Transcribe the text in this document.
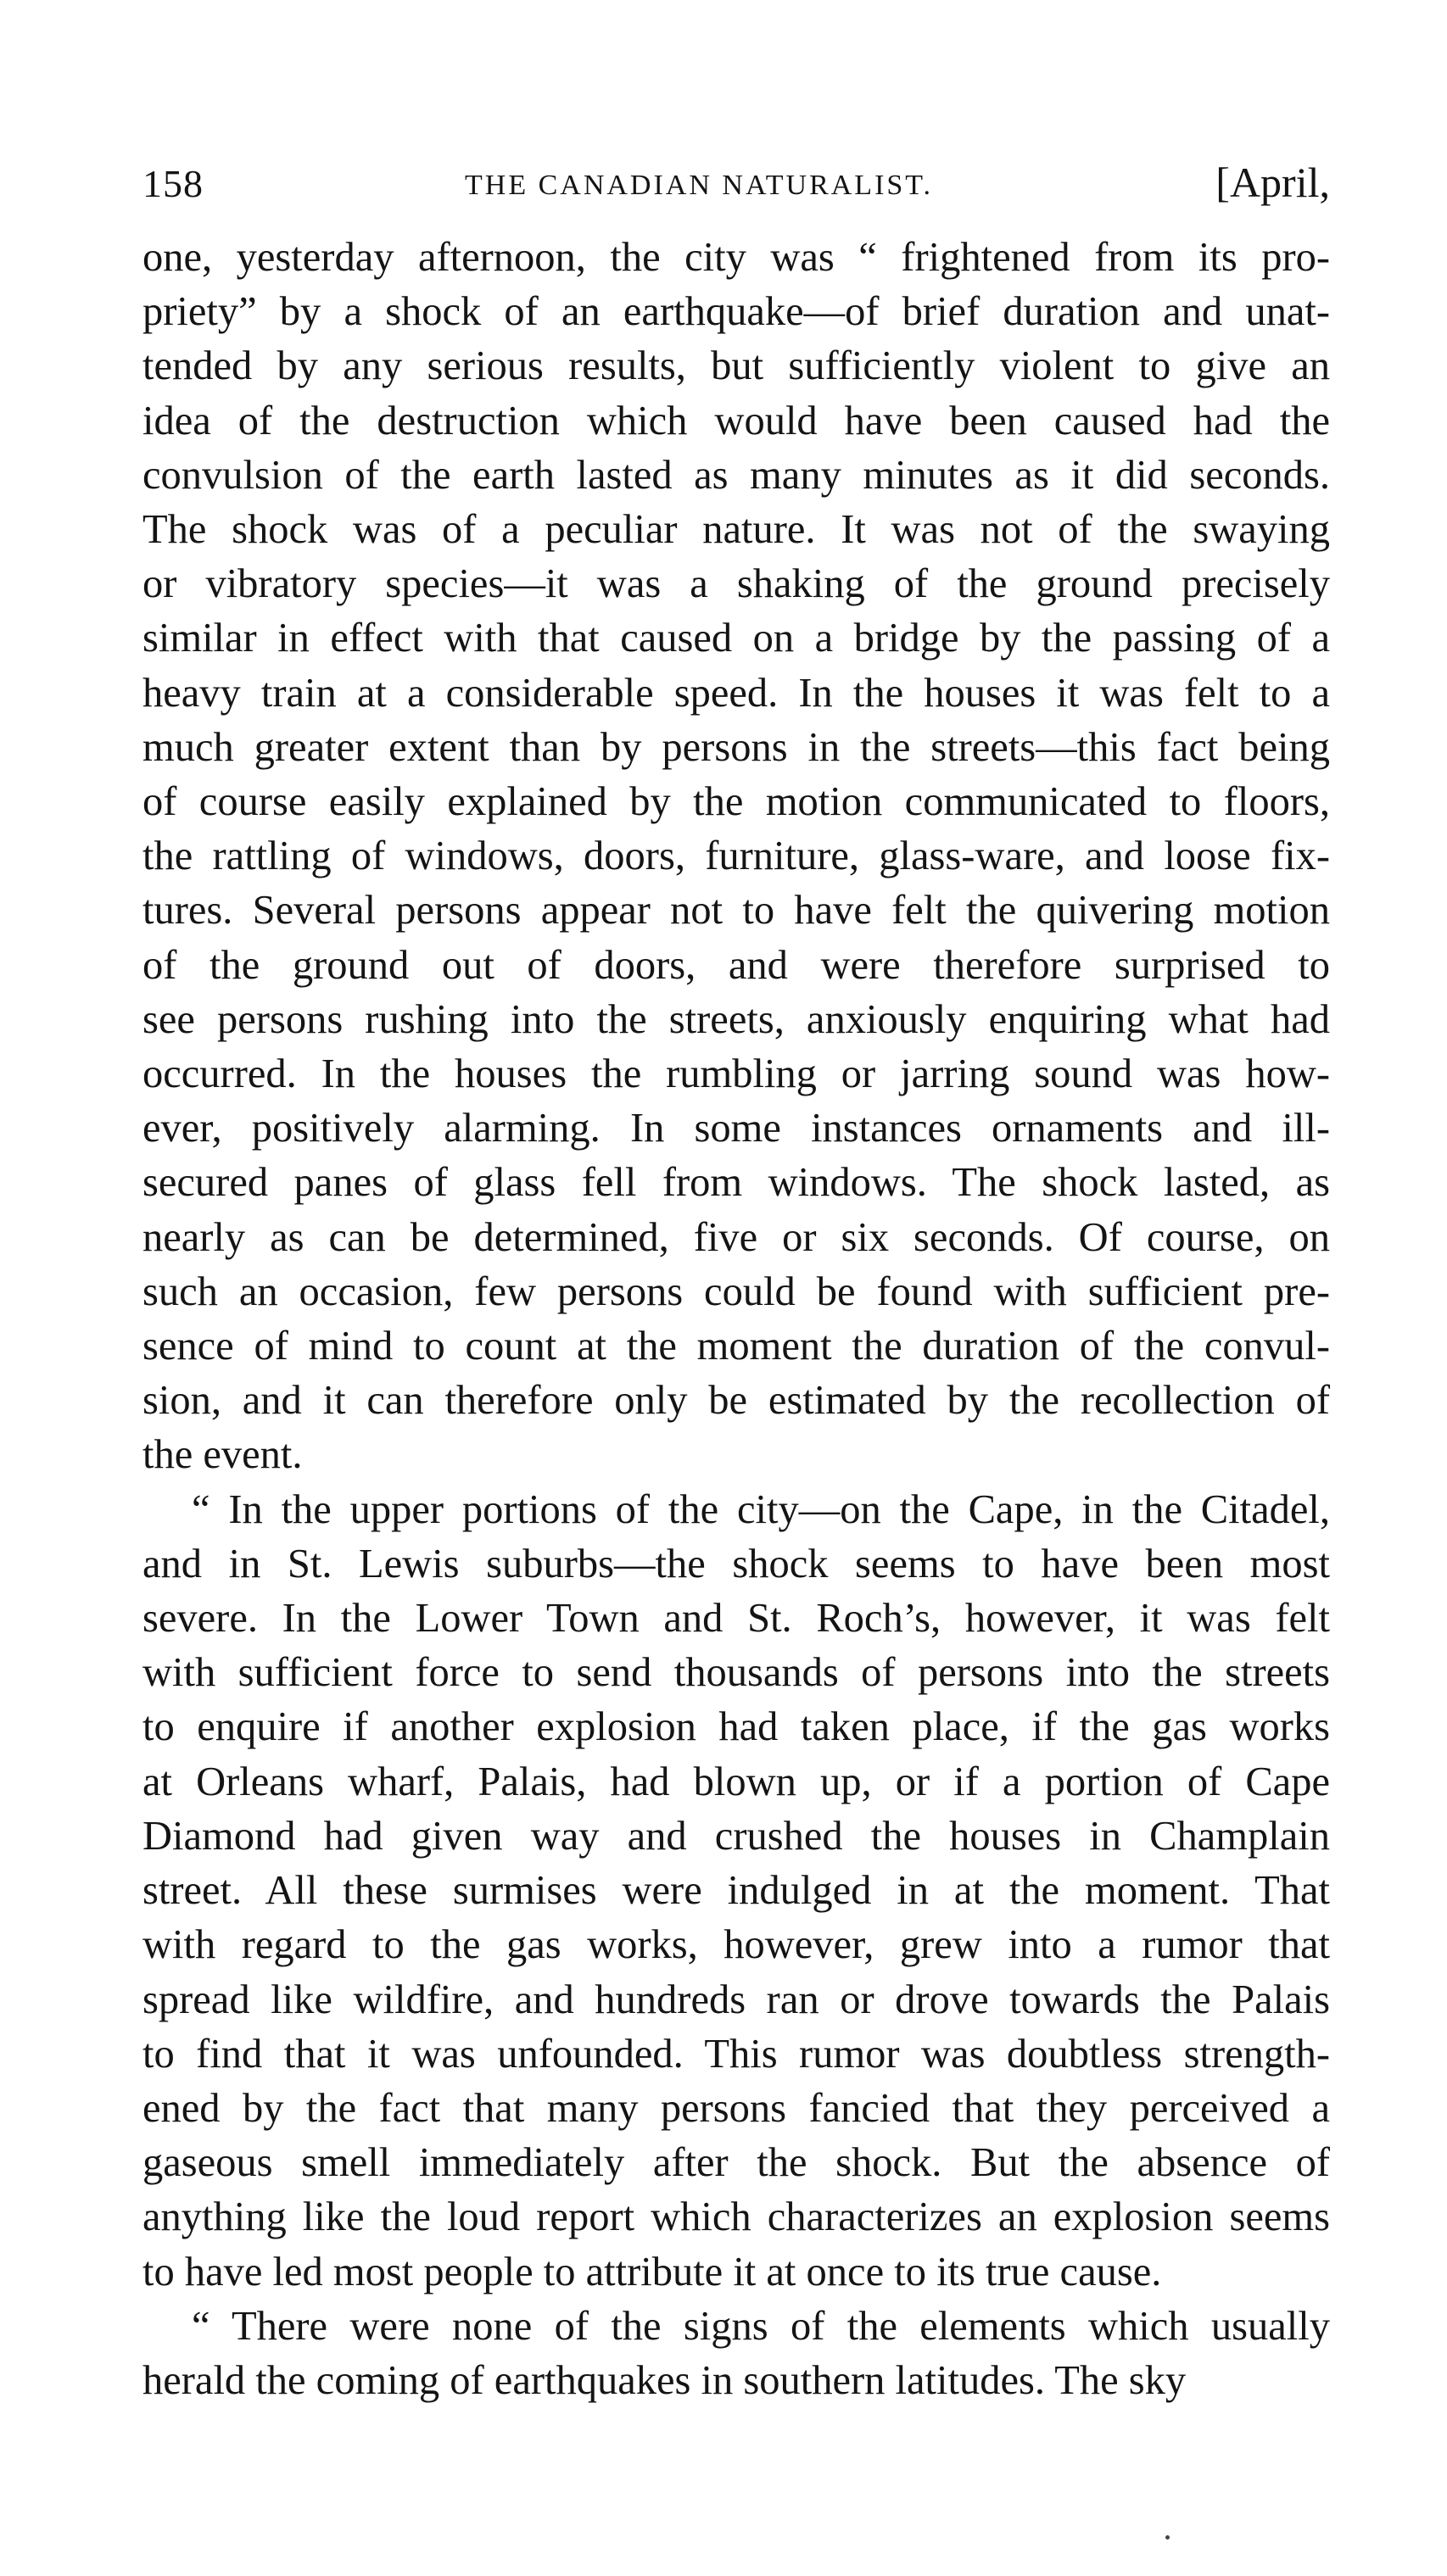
158	THE CANADIAN NATURALIST.	[April,

one, yesterday afternoon, the city was “ frightened from its pro-
priety” by a shock of an earthquake—of brief duration and unat-
tended by any serious results, but sufficiently violent to give an
idea of the destruction which would have been caused had the
convulsion of the earth lasted as many minutes as it did seconds.
The shock was of a peculiar nature. It was not of the swaying
or vibratory species—it was a shaking of the ground precisely
similar in effect with that caused on a bridge by the passing of a
heavy train at a considerable speed. In the houses it was felt to a
much greater extent than by persons in the streets—this fact being
of course easily explained by the motion communicated to floors,
the rattling of windows, doors, furniture, glass-ware, and loose fix-
tures. Several persons appear not to have felt the quivering motion
of the ground out of doors, and were therefore surprised to
see persons rushing into the streets, anxiously enquiring what had
occurred. In the houses the rumbling or jarring sound was how-
ever, positively alarming. In some instances ornaments and ill-
secured panes of glass fell from windows. The shock lasted, as
nearly as can be determined, five or six seconds. Of course, on
such an occasion, few persons could be found with sufficient pre-
sence of mind to count at the moment the duration of the convul-
sion, and it can therefore only be estimated by the recollection of
the event.

“ In the upper portions of the city—on the Cape, in the Citadel,
and in St. Lewis suburbs—the shock seems to have been most
severe. In the Lower Town and St. Roch’s, however, it was felt
with sufficient force to send thousands of persons into the streets
to enquire if another explosion had taken place, if the gas works
at Orleans wharf, Palais, had blown up, or if a portion of Cape
Diamond had given way and crushed the houses in Champlain
street. All these surmises were indulged in at the moment. That
with regard to the gas works, however, grew into a rumor that
spread like wildfire, and hundreds ran or drove towards the Palais
to find that it was unfounded. This rumor was doubtless strength-
ened by the fact that many persons fancied that they perceived a
gaseous smell immediately after the shock. But the absence of
anything like the loud report which characterizes an explosion seems
to have led most people to attribute it at once to its true cause.

“ There were none of the signs of the elements which usually
herald the coming of earthquakes in southern latitudes. The sky
